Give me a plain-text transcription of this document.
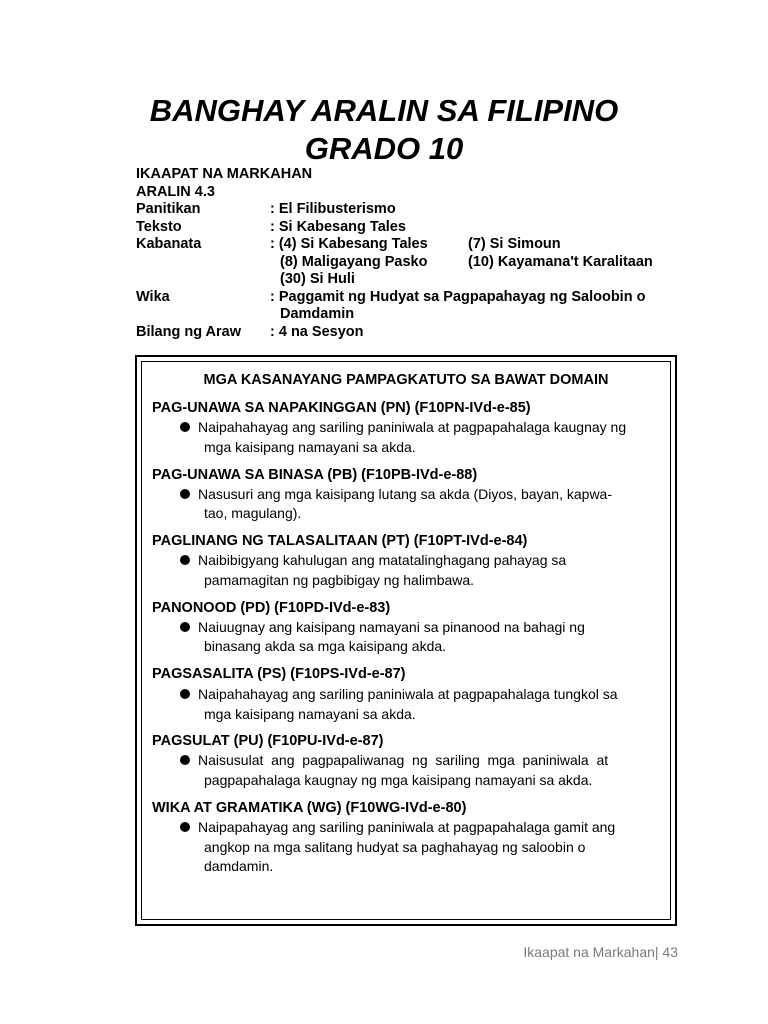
BANGHAY ARALIN SA FILIPINO
GRADO 10
IKAAPAT NA MARKAHAN
ARALIN 4.3
Panitikan	: El Filibusterismo
Teksto	: Si Kabesang Tales
Kabanata	: (4) Si Kabesang Tales	(7) Si Simoun
(8) Maligayang Pasko	(10) Kayamana't Karalitaan
(30) Si Huli
Wika	: Paggamit ng Hudyat sa Pagpapahayag ng Saloobin o
Damdamin
Bilang ng Araw : 4 na Sesyon
MGA KASANAYANG PAMPAGKATUTO SA BAWAT DOMAIN
PAG-UNAWA SA NAPAKINGGAN (PN) (F10PN-IVd-e-85)
Naipahahayag ang sariling paniniwala at pagpapahalaga kaugnay ng
mga kaisipang namayani sa akda.
PAG-UNAWA SA BINASA (PB) (F10PB-IVd-e-88)
Nasusuri ang mga kaisipang lutang sa akda (Diyos, bayan, kapwa-
tao, magulang).
PAGLINANG NG TALASALITAAN (PT) (F10PT-IVd-e-84)
Naibibigyang kahulugan ang matatalinghagang pahayag sa
pamamagitan ng pagbibigay ng halimbawa.
PANONOOD (PD) (F10PD-IVd-e-83)
Naiuugnay ang kaisipang namayani sa pinanood na bahagi ng
binasang akda sa mga kaisipang akda.
PAGSASALITA (PS) (F10PS-IVd-e-87)
Naipahahayag ang sariling paniniwala at pagpapahalaga tungkol sa
mga kaisipang namayani sa akda.
PAGSULAT (PU) (F10PU-IVd-e-87)
Naisusulat  ang  pagpapaliwanag  ng  sariling  mga  paniniwala  at
pagpapahalaga kaugnay ng mga kaisipang namayani sa akda.
WIKA AT GRAMATIKA (WG) (F10WG-IVd-e-80)
Naipapahayag ang sariling paniniwala at pagpapahalaga gamit ang
angkop na mga salitang hudyat sa paghahayag ng saloobin o
damdamin.
Ikaapat na Markahan| 43
